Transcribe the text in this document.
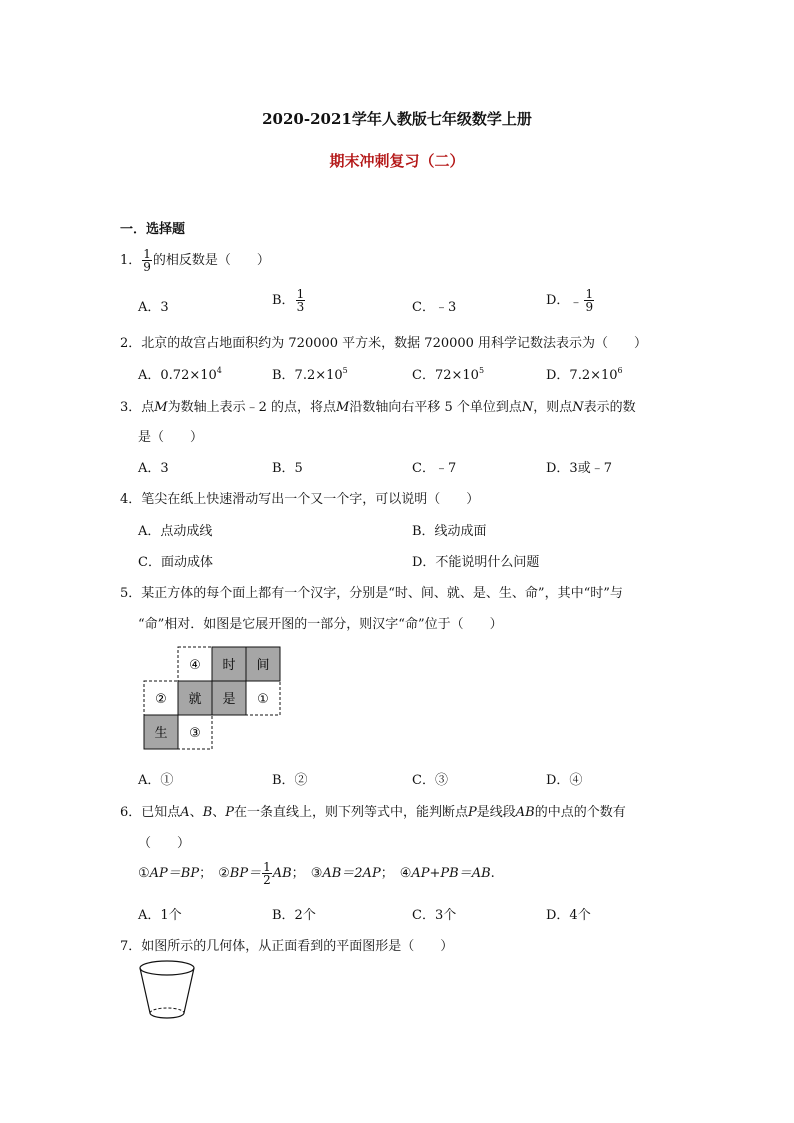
2020-2021学年人教版七年级数学上册
期末冲刺复习（二）
一．选择题
1． $\frac{1}{9}$ 的相反数是（　　）
A．3	B． $\frac{1}{3}$	C．﹣3	D．﹣ $\frac{1}{9}$
2．北京的故宫占地面积约为 720000 平方米，数据 720000 用科学记数法表示为（　　）
A．$0.72\times 10^4$	B．$7.2\times 10^5$	C．$72\times 10^5$	D．$7.2\times 10^6$
3．点M为数轴上表示﹣2 的点，将点M沿数轴向右平移 5 个单位到点N，则点N表示的数
是（　　）
A．3	B．5	C．﹣7	D．3或﹣7
4．笔尖在纸上快速滑动写出一个又一个字，可以说明（　　）
A．点动成线	B．线动成面
C．面动成体	D．不能说明什么问题
5．某正方体的每个面上都有一个汉字，分别是“时、间、就、是、生、命”，其中“时”与
“命”相对．如图是它展开图的一部分，则汉字“命”位于（　　）
④ 时 间
② 就 是 ①
生 ③
A．①	B．②	C．③	D．④
6．已知点A、B、P在一条直线上，则下列等式中，能判断点P是线段AB的中点的个数有
（　　）
①AP＝BP； ②BP＝ $\frac{1}{2}$ AB； ③AB＝2AP； ④AP+PB＝AB.
A．1个	B．2个	C．3个	D．4个
7．如图所示的几何体，从正面看到的平面图形是（　　）
